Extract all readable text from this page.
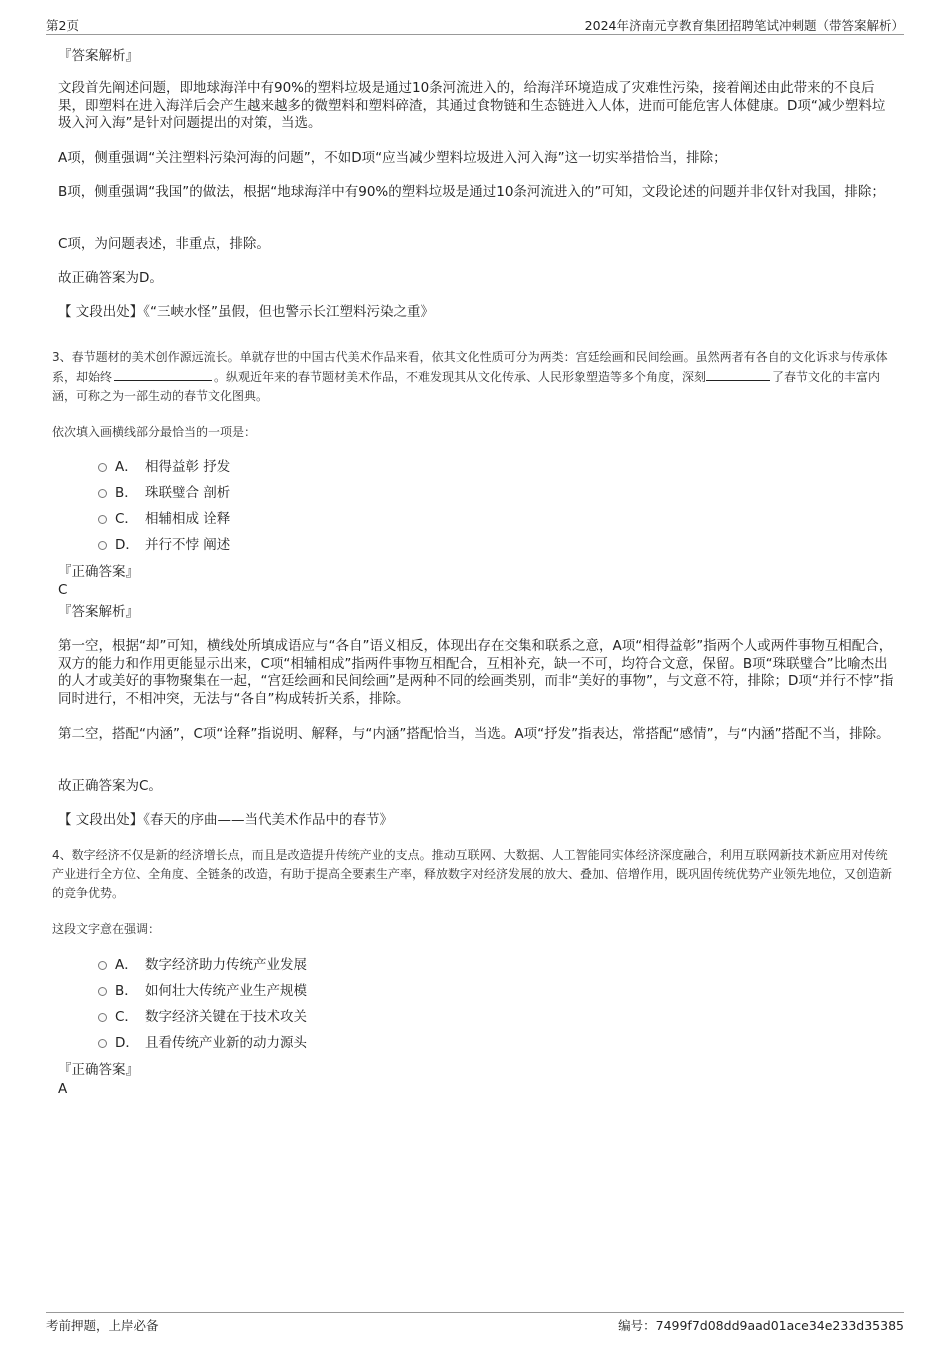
第2页	2024年济南元亨教育集团招聘笔试冲刺题（带答案解析）

『答案解析』

文段首先阐述问题，即地球海洋中有90%的塑料垃圾是通过10条河流进入的，给海洋环境造成了灾难性污染，接着阐述由此带来的不良后果，即塑料在进入海洋后会产生越来越多的微塑料和塑料碎渣，其通过食物链和生态链进入人体，进而可能危害人体健康。D项“减少塑料垃圾入河入海”是针对问题提出的对策，当选。

A项，侧重强调“关注塑料污染河海的问题”，不如D项“应当减少塑料垃圾进入河入海”这一切实举措恰当，排除；

B项，侧重强调“我国”的做法，根据“地球海洋中有90%的塑料垃圾是通过10条河流进入的”可知，文段论述的问题并非仅针对我国，排除；

C项，为问题表述，非重点，排除。

故正确答案为D。

【 文段出处】《“三峡水怪”虽假，但也警示长江塑料污染之重》

3、春节题材的美术创作源远流长。单就存世的中国古代美术作品来看，依其文化性质可分为两类：宫廷绘画和民间绘画。虽然两者有各自的文化诉求与传承体系，却始终	。纵观近年来的春节题材美术作品，不难发现其从文化传承、人民形象塑造等多个角度，深刻	了春节文化的丰富内涵，可称之为一部生动的春节文化图典。

依次填入画横线部分最恰当的一项是：

A． 相得益彰 抒发
B． 珠联璧合 剖析
C． 相辅相成 诠释
D． 并行不悖 阐述

『正确答案』

C

『答案解析』

第一空，根据“却”可知，横线处所填成语应与“各自”语义相反，体现出存在交集和联系之意，A项“相得益彰”指两个人或两件事物互相配合，双方的能力和作用更能显示出来，C项“相辅相成”指两件事物互相配合，互相补充，缺一不可，均符合文意，保留。B项“珠联璧合”比喻杰出的人才或美好的事物聚集在一起，“宫廷绘画和民间绘画”是两种不同的绘画类别，而非“美好的事物”，与文意不符，排除；D项“并行不悖”指同时进行，不相冲突，无法与“各自”构成转折关系，排除。

第二空，搭配“内涵”，C项“诠释”指说明、解释，与“内涵”搭配恰当，当选。A项“抒发”指表达，常搭配“感情”，与“内涵”搭配不当，排除。

故正确答案为C。

【 文段出处】《春天的序曲——当代美术作品中的春节》

4、数字经济不仅是新的经济增长点，而且是改造提升传统产业的支点。推动互联网、大数据、人工智能同实体经济深度融合，利用互联网新技术新应用对传统产业进行全方位、全角度、全链条的改造，有助于提高全要素生产率，释放数字对经济发展的放大、叠加、倍增作用，既巩固传统优势产业领先地位，又创造新的竞争优势。

这段文字意在强调：

A． 数字经济助力传统产业发展
B． 如何壮大传统产业生产规模
C． 数字经济关键在于技术攻关
D． 且看传统产业新的动力源头

『正确答案』

A

考前押题，上岸必备	编号：7499f7d08dd9aad01ace34e233d35385
